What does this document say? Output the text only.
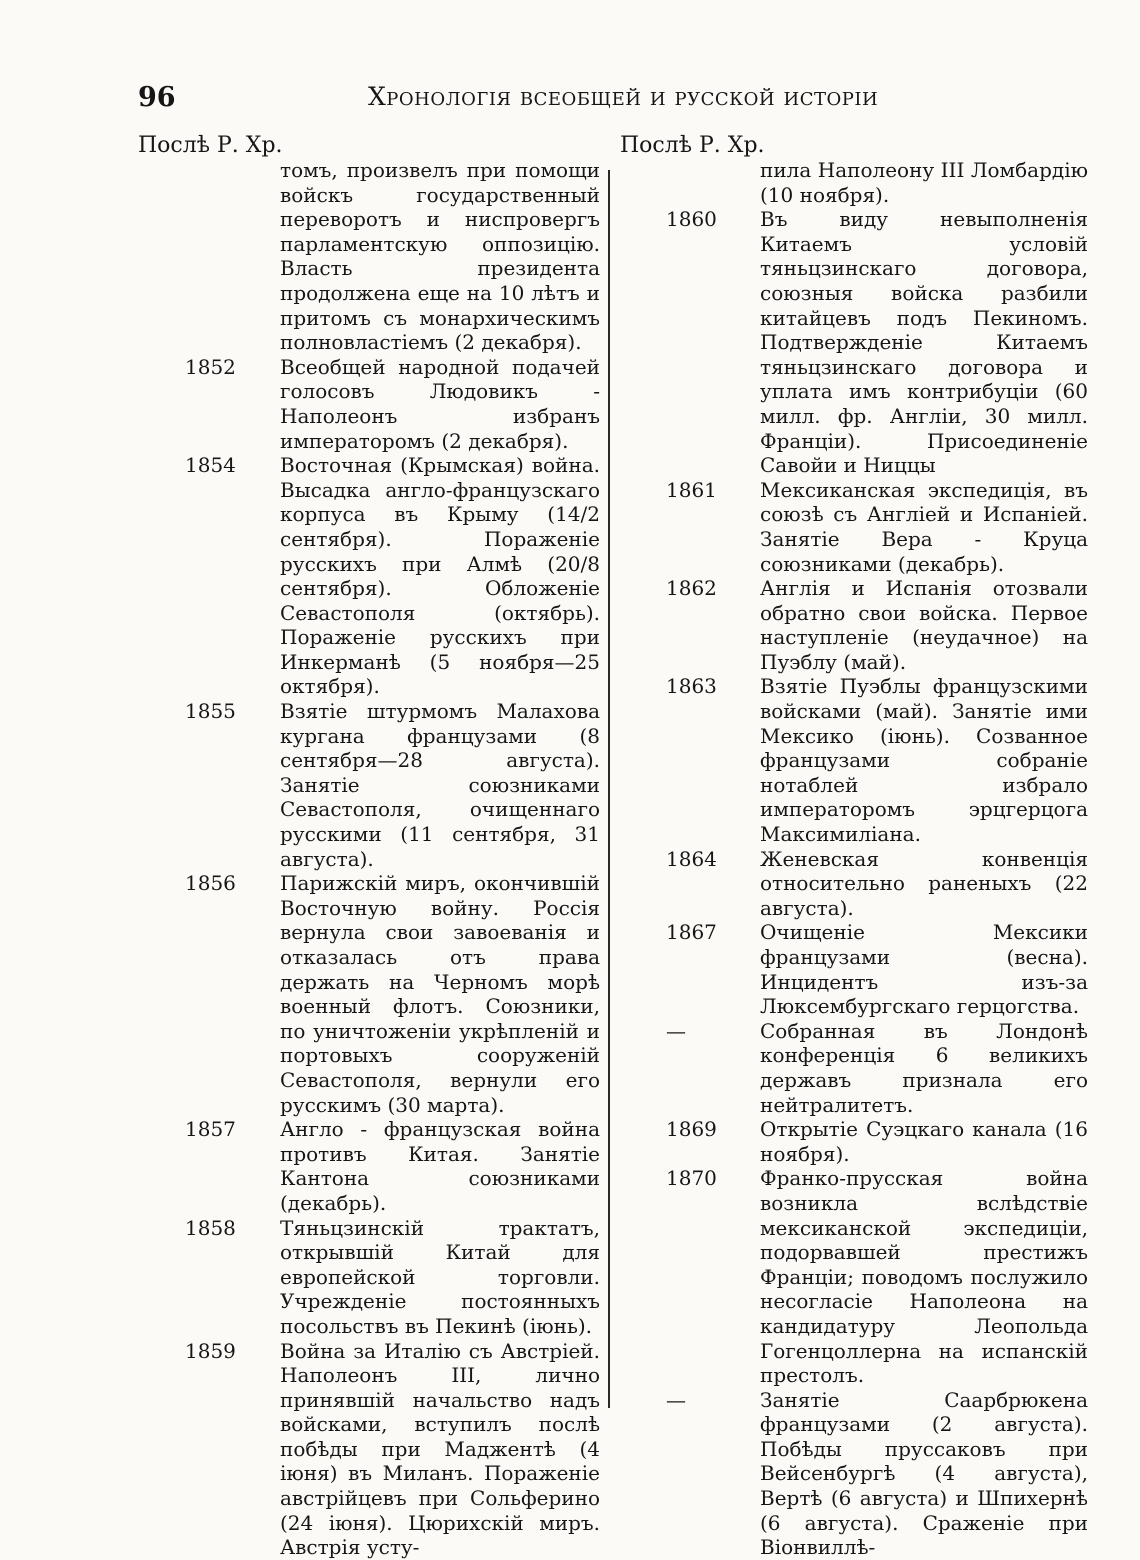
96	Хронологія всеобщей и русской исторіи
Послѣ Р. Хр.	Послѣ Р. Хр.
томъ, произвелъ при помощи войскъ государственный переворотъ и ниспровергъ парламентскую оппозицію. Власть президента продолжена еще на 10 лѣтъ и притомъ съ монархическимъ полновластіемъ (2 декабря).
1852	Всеобщей народной подачей голосовъ Людовикъ - Наполеонъ избранъ императоромъ (2 декабря).
1854	Восточная (Крымская) война. Высадка англо-французскаго корпуса въ Крыму (14/2 сентября). Пораженіе русскихъ при Алмѣ (20/8 сентября). Обложеніе Севастополя (октябрь). Пораженіе русскихъ при Инкерманѣ (5 ноября—25 октября).
1855	Взятіе штурмомъ Малахова кургана французами (8 сентября—28 августа). Занятіе союзниками Севастополя, очищеннаго русскими (11 сентября, 31 августа).
1856	Парижскій миръ, окончившій Восточную войну. Россія вернула свои завоеванія и отказалась отъ права держать на Черномъ морѣ военный флотъ. Союзники, по уничтоженіи укрѣпленій и портовыхъ сооруженій Севастополя, вернули его русскимъ (30 марта).
1857	Англо - французская война противъ Китая. Занятіе Кантона союзниками (декабрь).
1858	Тяньцзинскій трактатъ, открывшій Китай для европейской торговли. Учрежденіе постоянныхъ посольствъ въ Пекинѣ (іюнь).
1859	Война за Италію съ Австріей. Наполеонъ III, лично принявшій начальство надъ войсками, вступилъ послѣ побѣды при Маджентѣ (4 іюня) въ Миланъ. Пораженіе австрійцевъ при Сольферино (24 іюня). Цюрихскій миръ. Австрія усту-
пила Наполеону III Ломбардію (10 ноября).
1860	Въ виду невыполненія Китаемъ условій тяньцзинскаго договора, союзныя войска разбили китайцевъ подъ Пекиномъ. Подтвержденіе Китаемъ тяньцзинскаго договора и уплата имъ контрибуціи (60 милл. фр. Англіи, 30 милл. Франціи). Присоединеніе Савойи и Ниццы
1861	Мексиканская экспедиція, въ союзѣ съ Англіей и Испаніей. Занятіе Вера - Круца союзниками (декабрь).
1862	Англія и Испанія отозвали обратно свои войска. Первое наступленіе (неудачное) на Пуэблу (май).
1863	Взятіе Пуэблы французскими войсками (май). Занятіе ими Мексико (іюнь). Созванное французами собраніе нотаблей избрало императоромъ эрцгерцога Максимиліана.
1864	Женевская конвенція относительно раненыхъ (22 августа).
1867	Очищеніе Мексики французами (весна). Инцидентъ изъ-за Люксембургскаго герцогства.
—	Собранная въ Лондонѣ конференція 6 великихъ державъ признала его нейтралитетъ.
1869	Открытіе Суэцкаго канала (16 ноября).
1870	Франко-прусская война возникла вслѣдствіе мексиканской экспедиціи, подорвавшей престижъ Франціи; поводомъ послужило несогласіе Наполеона на кандидатуру Леопольда Гогенцоллерна на испанскій престолъ.
—	Занятіе Саарбрюкена французами (2 августа). Побѣды пруссаковъ при Вейсенбургѣ (4 августа), Вертѣ (6 августа) и Шпихернѣ (6 августа). Сраженіе при Віонвиллѣ-
